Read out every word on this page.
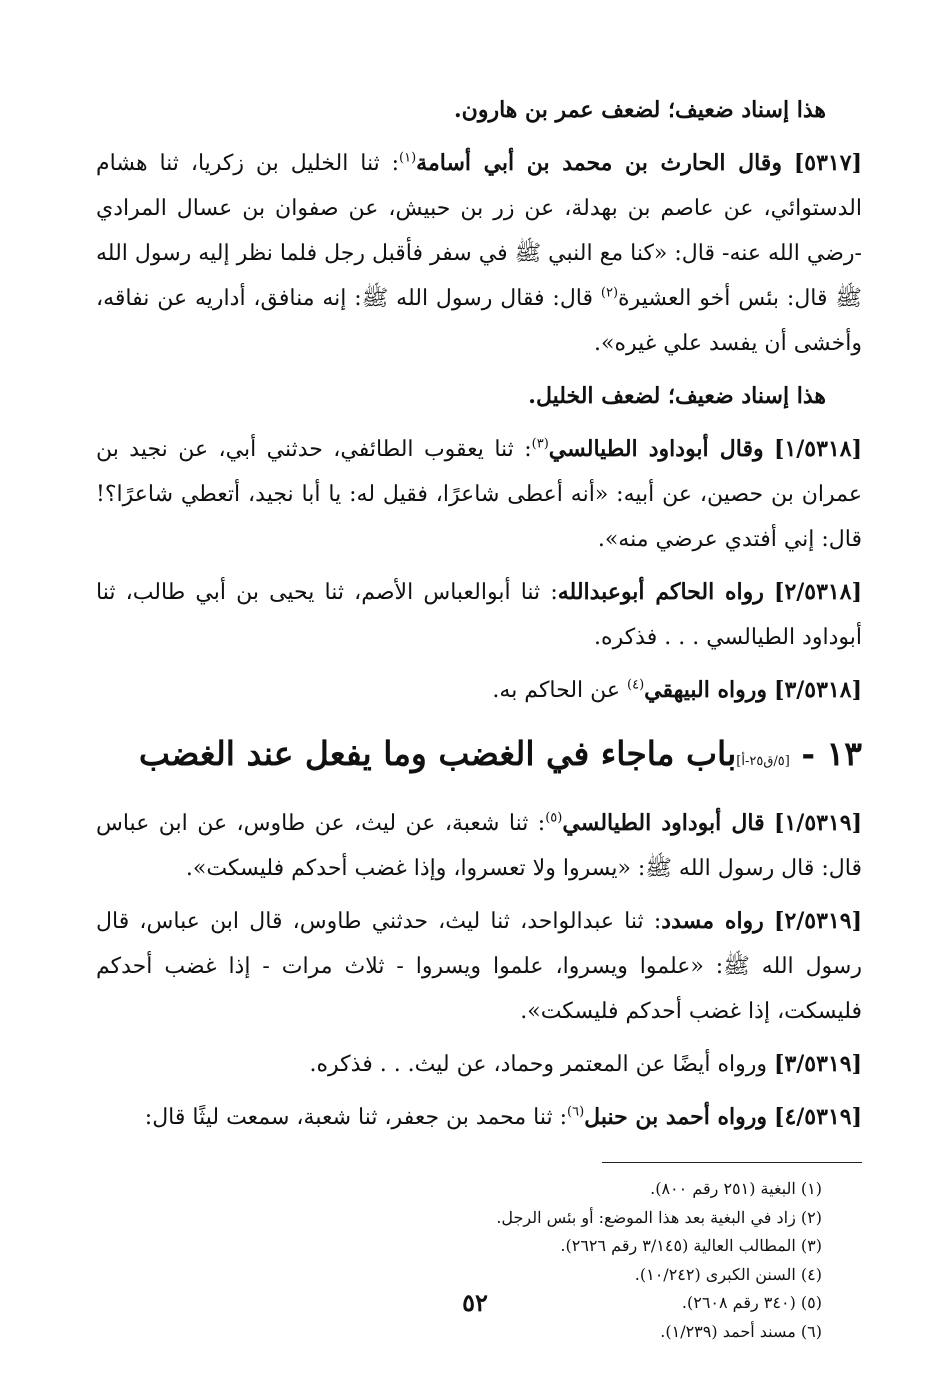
هذا إسناد ضعيف؛ لضعف عمر بن هارون.

[٥٣١٧] وقال الحارث بن محمد بن أبي أسامة$^{(١)}$: ثنا الخليل بن زكريا، ثنا هشام الدستوائي، عن عاصم بن بهدلة، عن زر بن حبيش، عن صفوان بن عسال المرادي -رضي الله عنه- قال: «كنا مع النبي ﷺ في سفر فأقبل رجل فلما نظر إليه رسول الله ﷺ قال: بئس أخو العشيرة$^{(٢)}$ قال: فقال رسول الله ﷺ: إنه منافق، أداريه عن نفاقه، وأخشى أن يفسد علي غيره».

هذا إسناد ضعيف؛ لضعف الخليل.

[١/٥٣١٨] وقال أبوداود الطيالسي$^{(٣)}$: ثنا يعقوب الطائفي، حدثني أبي، عن نجيد بن عمران بن حصين، عن أبيه: «أنه أعطى شاعرًا، فقيل له: يا أبا نجيد، أتعطي شاعرًا؟! قال: إني أفتدي عرضي منه».

[٢/٥٣١٨] رواه الحاكم أبوعبدالله: ثنا أبوالعباس الأصم، ثنا يحيى بن أبي طالب، ثنا أبوداود الطيالسي . . . فذكره.

[٣/٥٣١٨] ورواه البيهقي$^{(٤)}$ عن الحاكم به.

١٣ - [٥/ق٢٥-أ]باب ماجاء في الغضب وما يفعل عند الغضب

[١/٥٣١٩] قال أبوداود الطيالسي$^{(٥)}$: ثنا شعبة، عن ليث، عن طاوس، عن ابن عباس قال: قال رسول الله ﷺ: «يسروا ولا تعسروا، وإذا غضب أحدكم فليسكت».

[٢/٥٣١٩] رواه مسدد: ثنا عبدالواحد، ثنا ليث، حدثني طاوس، قال ابن عباس، قال رسول الله ﷺ: «علموا ويسروا، علموا ويسروا - ثلاث مرات - إذا غضب أحدكم فليسكت، إذا غضب أحدكم فليسكت».

[٣/٥٣١٩] ورواه أيضًا عن المعتمر وحماد، عن ليث. . . فذكره.

[٤/٥٣١٩] ورواه أحمد بن حنبل$^{(٦)}$: ثنا محمد بن جعفر، ثنا شعبة، سمعت ليثًا قال:

(١) البغية (٢٥١ رقم ٨٠٠).
(٢) زاد في البغية بعد هذا الموضع: أو بئس الرجل.
(٣) المطالب العالية (٣/١٤٥ رقم ٢٦٢٦).
(٤) السنن الكبرى (١٠/٢٤٢).
(٥) (٣٤٠ رقم ٢٦٠٨).
(٦) مسند أحمد (١/٢٣٩).
٥٢
